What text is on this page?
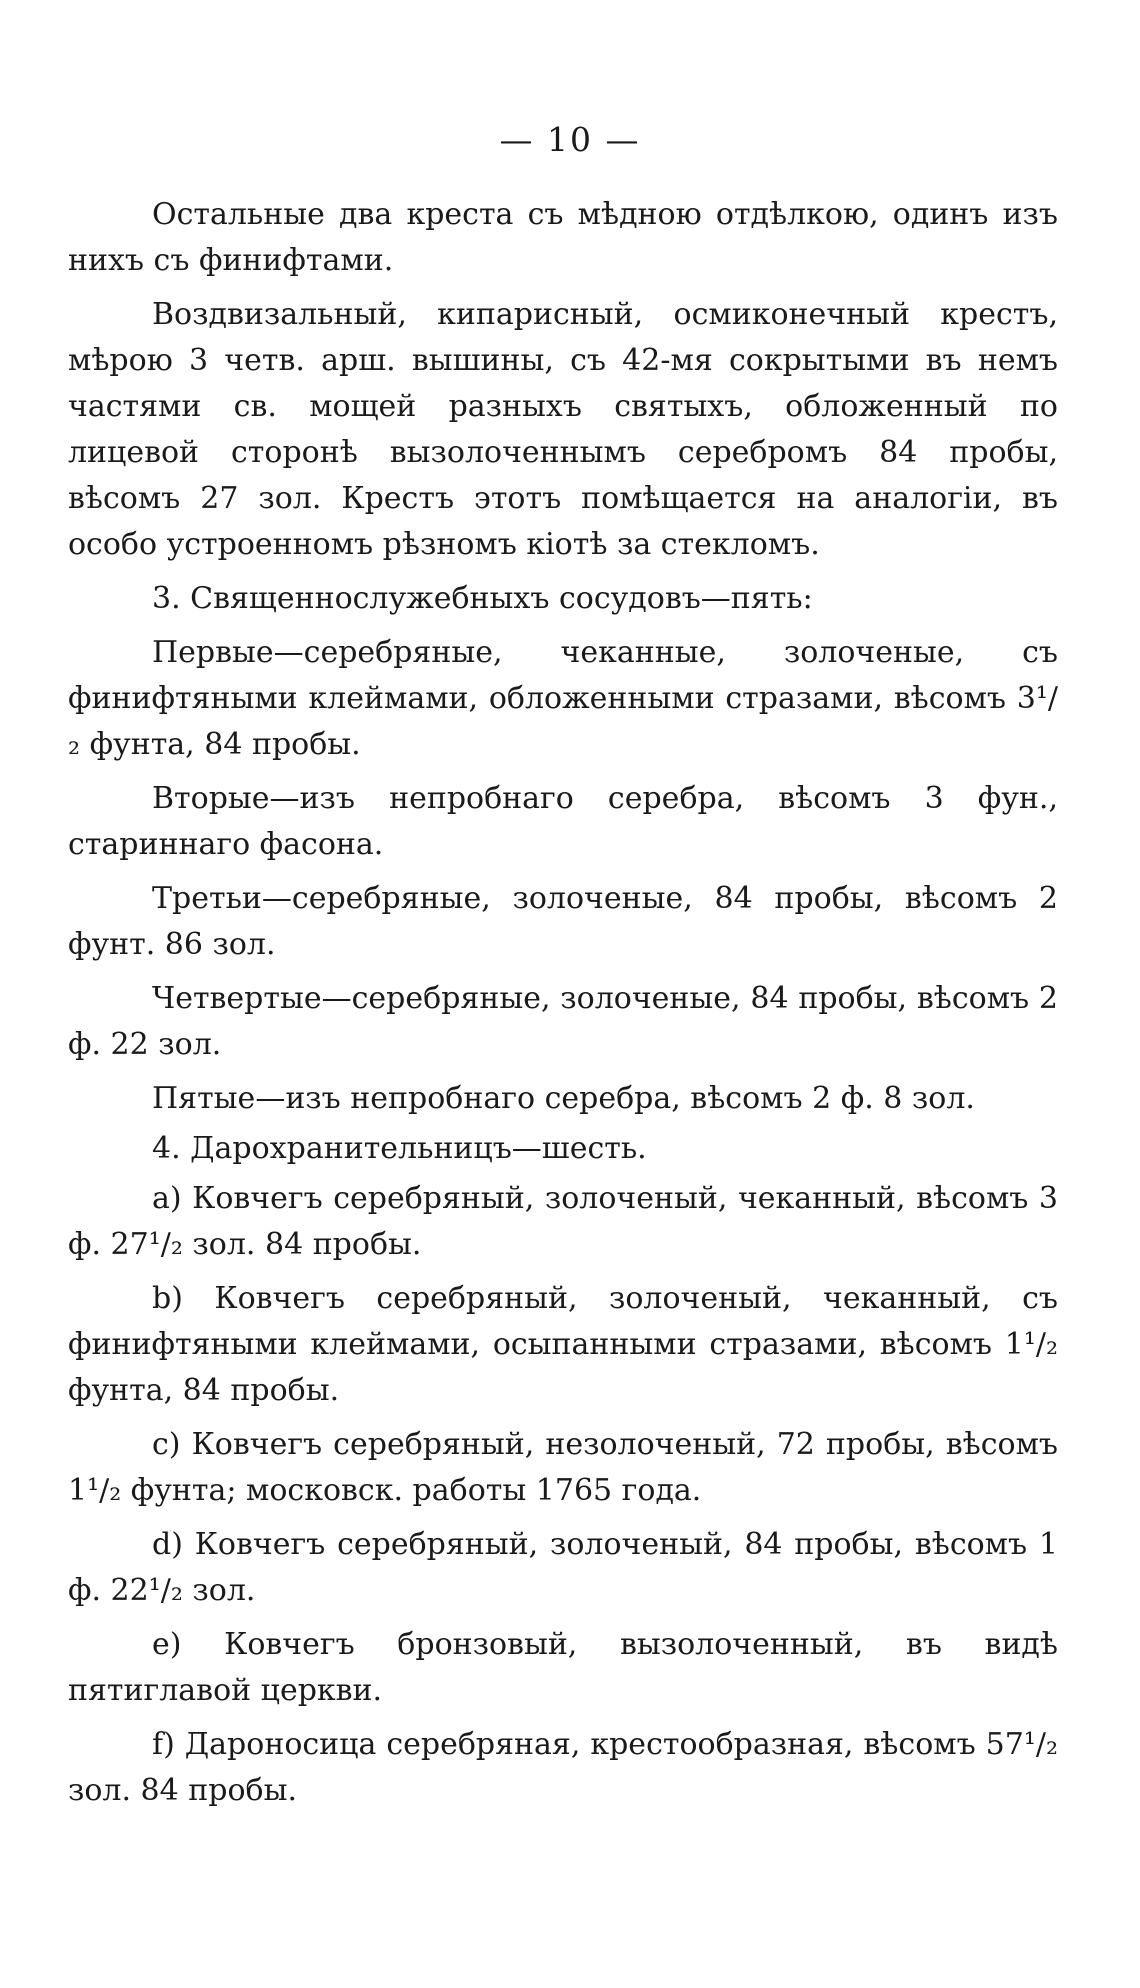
— 10 —

Остальные два креста съ мѣдною отдѣлкою, одинъ изъ нихъ съ финифтами.

Воздвизальный, кипарисный, осмиконечный крестъ, мѣрою 3 четв. арш. вышины, съ 42-мя сокрытыми въ немъ частями св. мощей разныхъ святыхъ, обложенный по лицевой сторонѣ вызолоченнымъ серебромъ 84 пробы, вѣсомъ 27 зол. Крестъ этотъ помѣщается на аналогіи, въ особо устроенномъ рѣзномъ кіотѣ за стекломъ.

3. Священнослужебныхъ сосудовъ—пять:

Первые—серебряные, чеканные, золоченые, съ финифтяными клеймами, обложенными стразами, вѣсомъ 3¹/₂ фунта, 84 пробы.

Вторые—изъ непробнаго серебра, вѣсомъ 3 фун., стариннаго фасона.

Третьи—серебряные, золоченые, 84 пробы, вѣсомъ 2 фунт. 86 зол.

Четвертые—серебряные, золоченые, 84 пробы, вѣсомъ 2 ф. 22 зол.

Пятые—изъ непробнаго серебра, вѣсомъ 2 ф. 8 зол.

4. Дарохранительницъ—шесть.

a) Ковчегъ серебряный, золоченый, чеканный, вѣсомъ 3 ф. 27¹/₂ зол. 84 пробы.

b) Ковчегъ серебряный, золоченый, чеканный, съ финифтяными клеймами, осыпанными стразами, вѣсомъ 1¹/₂ фунта, 84 пробы.

c) Ковчегъ серебряный, незолоченый, 72 пробы, вѣсомъ 1¹/₂ фунта; московск. работы 1765 года.

d) Ковчегъ серебряный, золоченый, 84 пробы, вѣсомъ 1 ф. 22¹/₂ зол.

e) Ковчегъ бронзовый, вызолоченный, въ видѣ пятиглавой церкви.

f) Дароносица серебряная, крестообразная, вѣсомъ 57¹/₂ зол. 84 пробы.
